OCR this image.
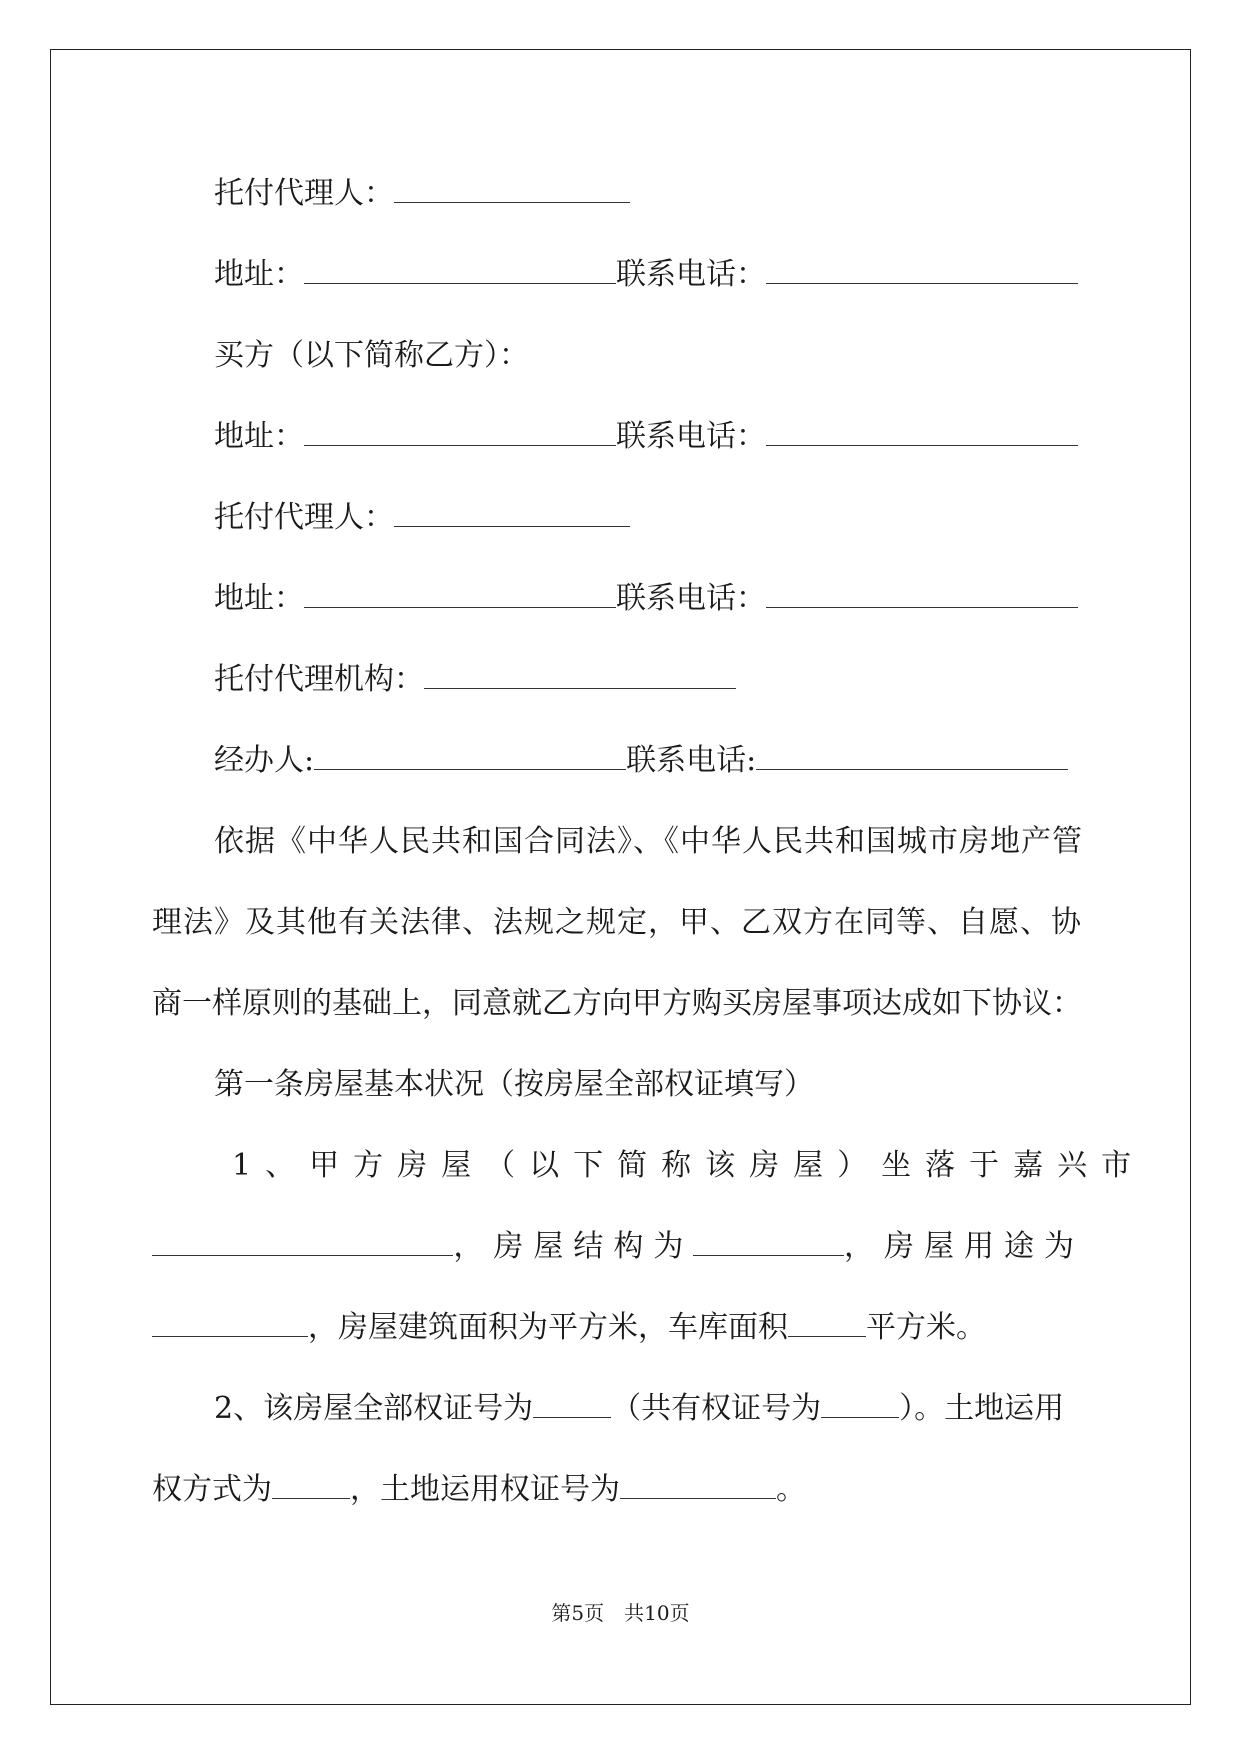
托付代理人：
地址：	联系电话：
买方（以下简称乙方）：
地址：	联系电话：
托付代理人：
地址：	联系电话：
托付代理机构：
经办人:	联系电话:
依据《中华人民共和国合同法》、《中华人民共和国城市房地产管
理法》及其他有关法律、法规之规定，甲、乙双方在同等、自愿、协
商一样原则的基础上，同意就乙方向甲方购买房屋事项达成如下协议：
第一条房屋基本状况（按房屋全部权证填写）
1、甲方房屋（以下简称该房屋）坐落于嘉兴市
，房屋结构为	，房屋用途为
，房屋建筑面积为平方米，车库面积	平方米。
2、该房屋全部权证号为	（共有权证号为	）。土地运用
权方式为	，土地运用权证号为	。
第5页　共10页
